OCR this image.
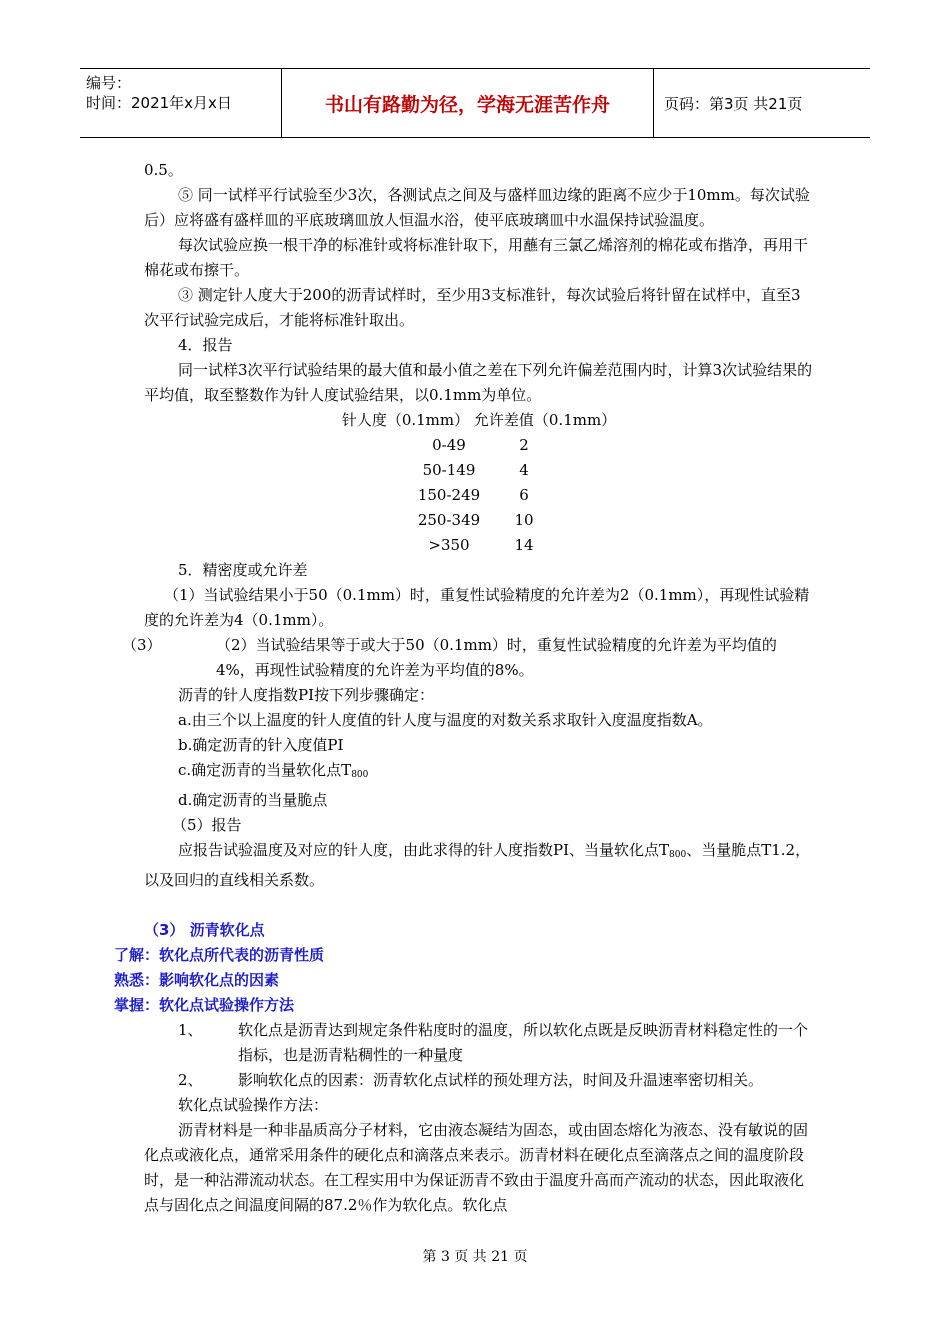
编号：
时间：2021年x月x日	书山有路勤为径，学海无涯苦作舟	页码：第3页 共21页

0.5。

⑤ 同一试样平行试验至少3次，各测试点之间及与盛样皿边缘的距离不应少于10mm。每次试验后）应将盛有盛样皿的平底玻璃皿放人恒温水浴，使平底玻璃皿中水温保持试验温度。

每次试验应换一根干净的标准针或将标准针取下，用蘸有三氯乙烯溶剂的棉花或布揩净，再用干棉花或布擦干。

③ 测定针人度大于200的沥青试样时，至少用3支标准针，每次试验后将针留在试样中，直至3次平行试验完成后，才能将标准针取出。

4．报告

同一试样3次平行试验结果的最大值和最小值之差在下列允许偏差范围内时，计算3次试验结果的平均值，取至整数作为针人度试验结果，以0.1mm为单位。

针人度（0.1mm） 允许差值（0.1mm）

0-49	2
50-149	4
150-249	6
250-349	10
>350	14

5．精密度或允许差

（1）当试验结果小于50（0.1mm）时，重复性试验精度的允许差为2（0.1mm），再现性试验精度的允许差为4（0.1mm）。

（3）	（2）当试验结果等于或大于50（0.1mm）时，重复性试验精度的允许差为平均值的4%，再现性试验精度的允许差为平均值的8%。

沥青的针人度指数PI按下列步骤确定：

a.由三个以上温度的针人度值的针人度与温度的对数关系求取针入度温度指数A。

b.确定沥青的针入度值PI

c.确定沥青的当量软化点$T_{800}$

d.确定沥青的当量脆点

（5）报告

应报告试验温度及对应的针人度，由此求得的针人度指数PI、当量软化点$T_{800}$、当量脆点T1.2，以及回归的直线相关系数。

（3） 沥青软化点

了解：软化点所代表的沥青性质

熟悉：影响软化点的因素

掌握：软化点试验操作方法

1、	软化点是沥青达到规定条件粘度时的温度，所以软化点既是反映沥青材料稳定性的一个指标，也是沥青粘稠性的一种量度
2、	影响软化点的因素：沥青软化点试样的预处理方法，时间及升温速率密切相关。

软化点试验操作方法：

沥青材料是一种非晶质高分子材料，它由液态凝结为固态，或由固态熔化为液态、没有敏说的固化点或液化点，通常采用条件的硬化点和滴落点来表示。沥青材料在硬化点至滴落点之间的温度阶段时，是一种沾滞流动状态。在工程实用中为保证沥青不致由于温度升高而产流动的状态，因此取液化点与固化点之间温度间隔的87.2％作为软化点。软化点

第 3 页 共 21 页
